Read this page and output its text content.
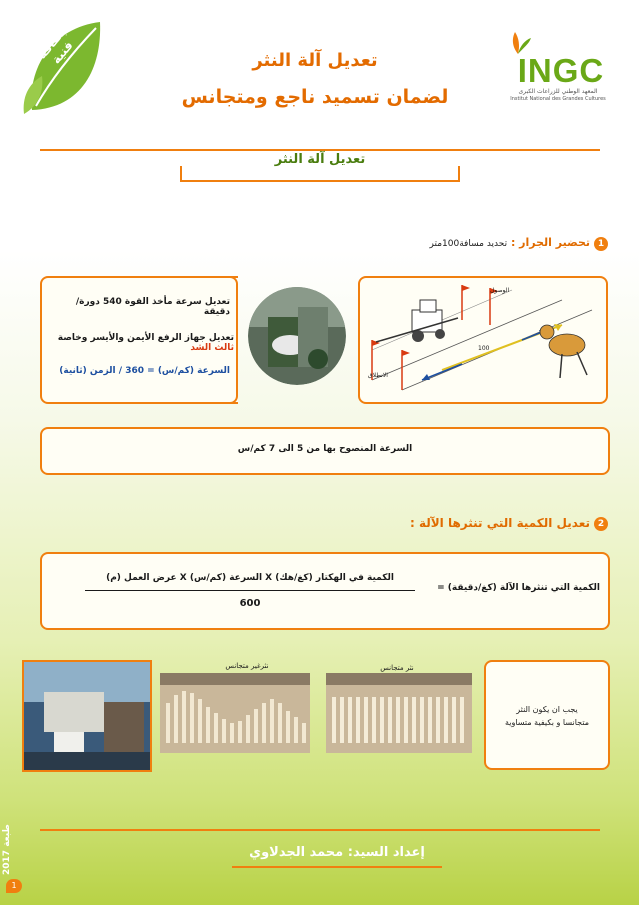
بطاقة فنية	تعديل آلة النثر
لضمان تسميد ناجع ومتجانس
INGC
المعهد الوطني للزراعات الكبرى
Institut National des Grandes Cultures
تعديل آلة النثر
1
تحضير الجرار : تحديد مسافة100متر
تعديل سرعة مأخذ القوة 540 دورة/دقيقة
تعديل جهاز الرفع الأيمن والأيسر وخاصة ثالث الشد
السرعة (كم/س) = 360 / الزمن (ثانية)
الوصول
الانطلاق
100
السرعة المنصوح بها من 5 الى 7 كم/س
2
تعديل الكمية التي تنثرها الآلة :
الكمية التي تنثرها الآلة (كغ/دقيقة) =
الكمية في الهكتار (كغ/هك) X السرعة (كم/س) X عرض العمل (م)
600
نثرغير متجانس	نثر متجانس
يجب ان يكون النثر
متجانسا و بكيفية متساوية
إعداد السيد: محمد الجدلاوي
طبعة 2017
1
